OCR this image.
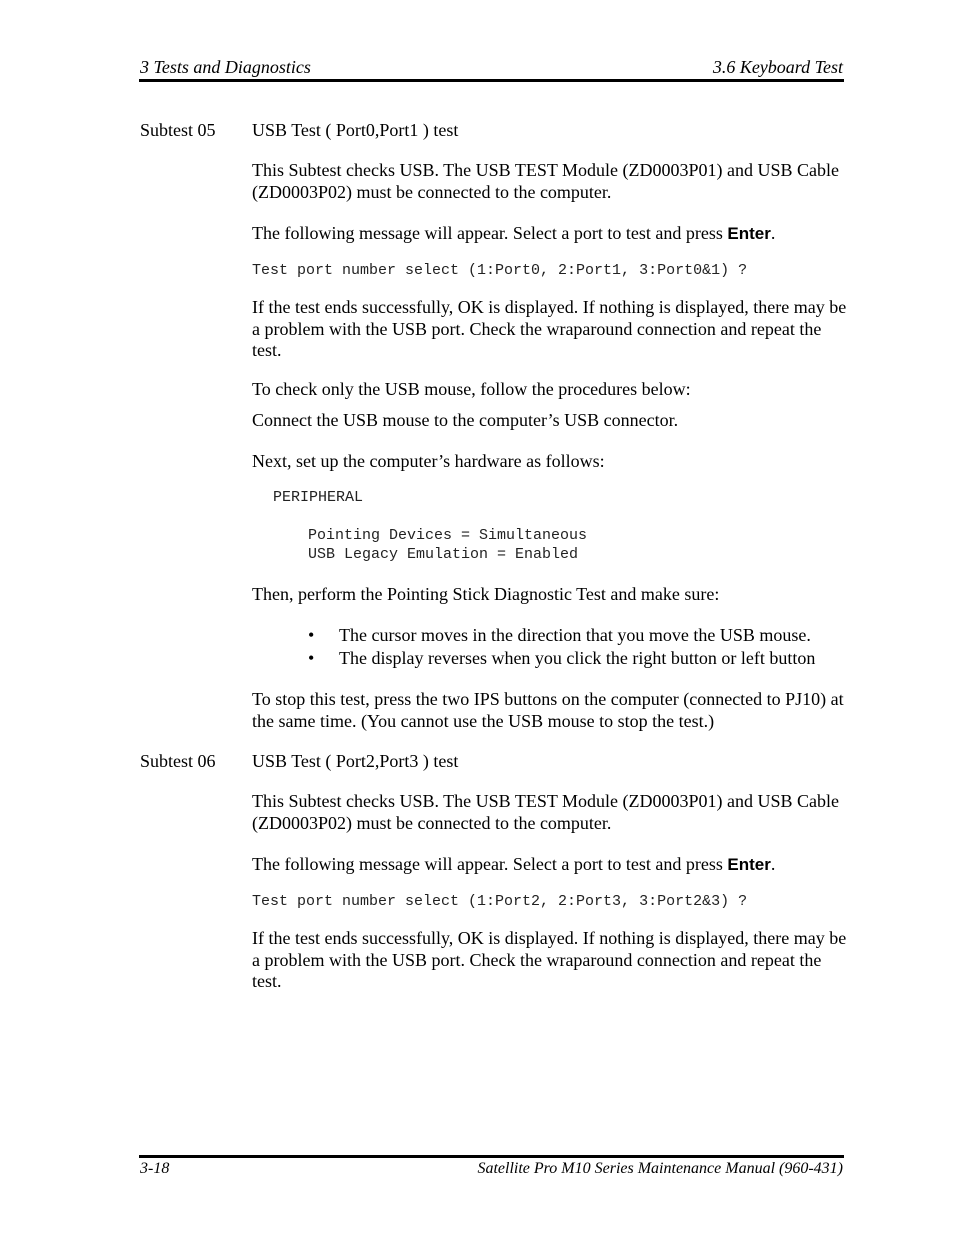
3 Tests and Diagnostics	3.6 Keyboard Test
Subtest 05 USB Test ( Port0,Port1 ) test
This Subtest checks USB. The USB TEST Module (ZD0003P01) and USB Cable (ZD0003P02) must be connected to the computer.
The following message will appear. Select a port to test and press Enter.
Test port number select (1:Port0, 2:Port1, 3:Port0&1) ?
If the test ends successfully, OK is displayed. If nothing is displayed, there may be a problem with the USB port. Check the wraparound connection and repeat the test.
To check only the USB mouse, follow the procedures below:
Connect the USB mouse to the computer’s USB connector.
Next, set up the computer’s hardware as follows:
PERIPHERAL
Pointing Devices = Simultaneous
USB Legacy Emulation = Enabled
Then, perform the Pointing Stick Diagnostic Test and make sure:
• The cursor moves in the direction that you move the USB mouse.
• The display reverses when you click the right button or left button
To stop this test, press the two IPS buttons on the computer (connected to PJ10) at the same time. (You cannot use the USB mouse to stop the test.)
Subtest 06 USB Test ( Port2,Port3 ) test
This Subtest checks USB. The USB TEST Module (ZD0003P01) and USB Cable (ZD0003P02) must be connected to the computer.
The following message will appear. Select a port to test and press Enter.
Test port number select (1:Port2, 2:Port3, 3:Port2&3) ?
If the test ends successfully, OK is displayed. If nothing is displayed, there may be a problem with the USB port. Check the wraparound connection and repeat the test.
3-18	Satellite Pro M10 Series Maintenance Manual (960-431)
